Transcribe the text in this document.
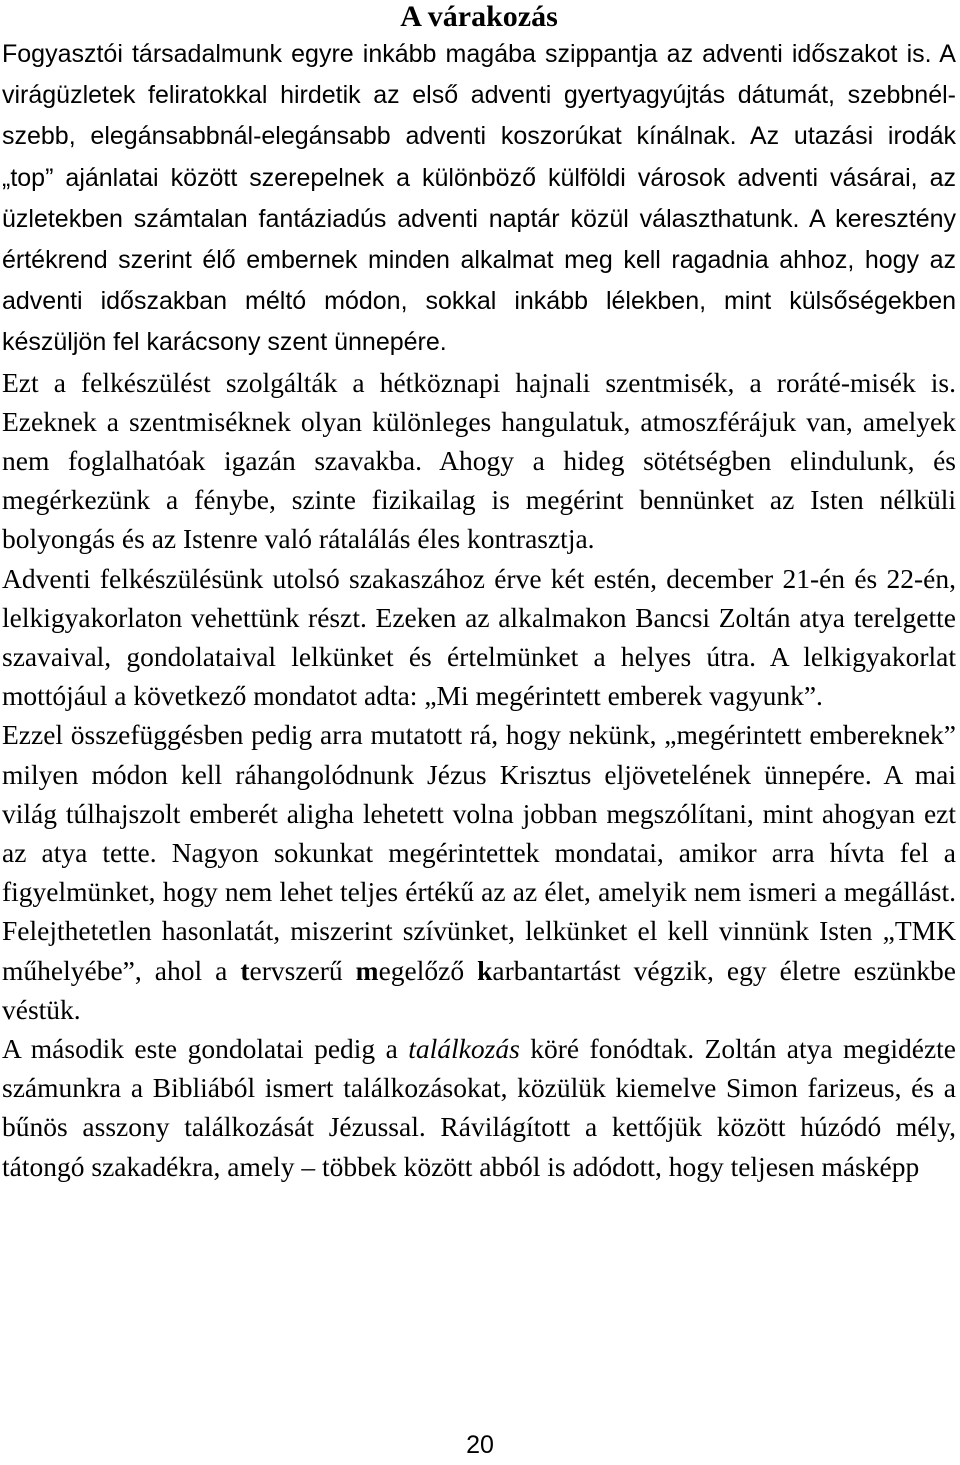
A várakozás

Fogyasztói társadalmunk egyre inkább magába szippantja az adventi időszakot is. A virágüzletek feliratokkal hirdetik az első adventi gyertyagyújtás dátumát, szebbnél-szebb, elegánsabbnál-elegánsabb adventi koszorúkat kínálnak. Az utazási irodák „top” ajánlatai között szerepelnek a különböző külföldi városok adventi vásárai, az üzletekben számtalan fantáziadús adventi naptár közül választhatunk. A keresztény értékrend szerint élő embernek minden alkalmat meg kell ragadnia ahhoz, hogy az adventi időszakban méltó módon, sokkal inkább lélekben, mint külsőségekben készüljön fel karácsony szent ünnepére.

Ezt a felkészülést szolgálták a hétköznapi hajnali szentmisék, a roráté-misék is. Ezeknek a szentmiséknek olyan különleges hangulatuk, atmoszférájuk van, amelyek nem foglalhatóak igazán szavakba. Ahogy a hideg sötétségben elindulunk, és megérkezünk a fénybe, szinte fizikailag is megérint bennünket az Isten nélküli bolyongás és az Istenre való rátalálás éles kontrasztja.

Adventi felkészülésünk utolsó szakaszához érve két estén, december 21-én és 22-én, lelkigyakorlaton vehettünk részt. Ezeken az alkalmakon Bancsi Zoltán atya terelgette szavaival, gondolataival lelkünket és értelmünket a helyes útra. A lelkigyakorlat mottójául a következő mondatot adta: „Mi megérintett emberek vagyunk”.

Ezzel összefüggésben pedig arra mutatott rá, hogy nekünk, „megérintett embereknek” milyen módon kell ráhangolódnunk Jézus Krisztus eljövetelének ünnepére. A mai világ túlhajszolt emberét aligha lehetett volna jobban megszólítani, mint ahogyan ezt az atya tette. Nagyon sokunkat megérintettek mondatai, amikor arra hívta fel a figyelmünket, hogy nem lehet teljes értékű az az élet, amelyik nem ismeri a megállást. Felejthetetlen hasonlatát, miszerint szívünket, lelkünket el kell vinnünk Isten „TMK műhelyébe”, ahol a tervszerű megelőző karbantartást végzik, egy életre eszünkbe véstük.

A második este gondolatai pedig a találkozás köré fonódtak. Zoltán atya megidézte számunkra a Bibliából ismert találkozásokat, közülük kiemelve Simon farizeus, és a bűnös asszony találkozását Jézussal. Rávilágított a kettőjük között húzódó mély, tátongó szakadékra, amely – többek között abból is adódott, hogy teljesen másképp

20
